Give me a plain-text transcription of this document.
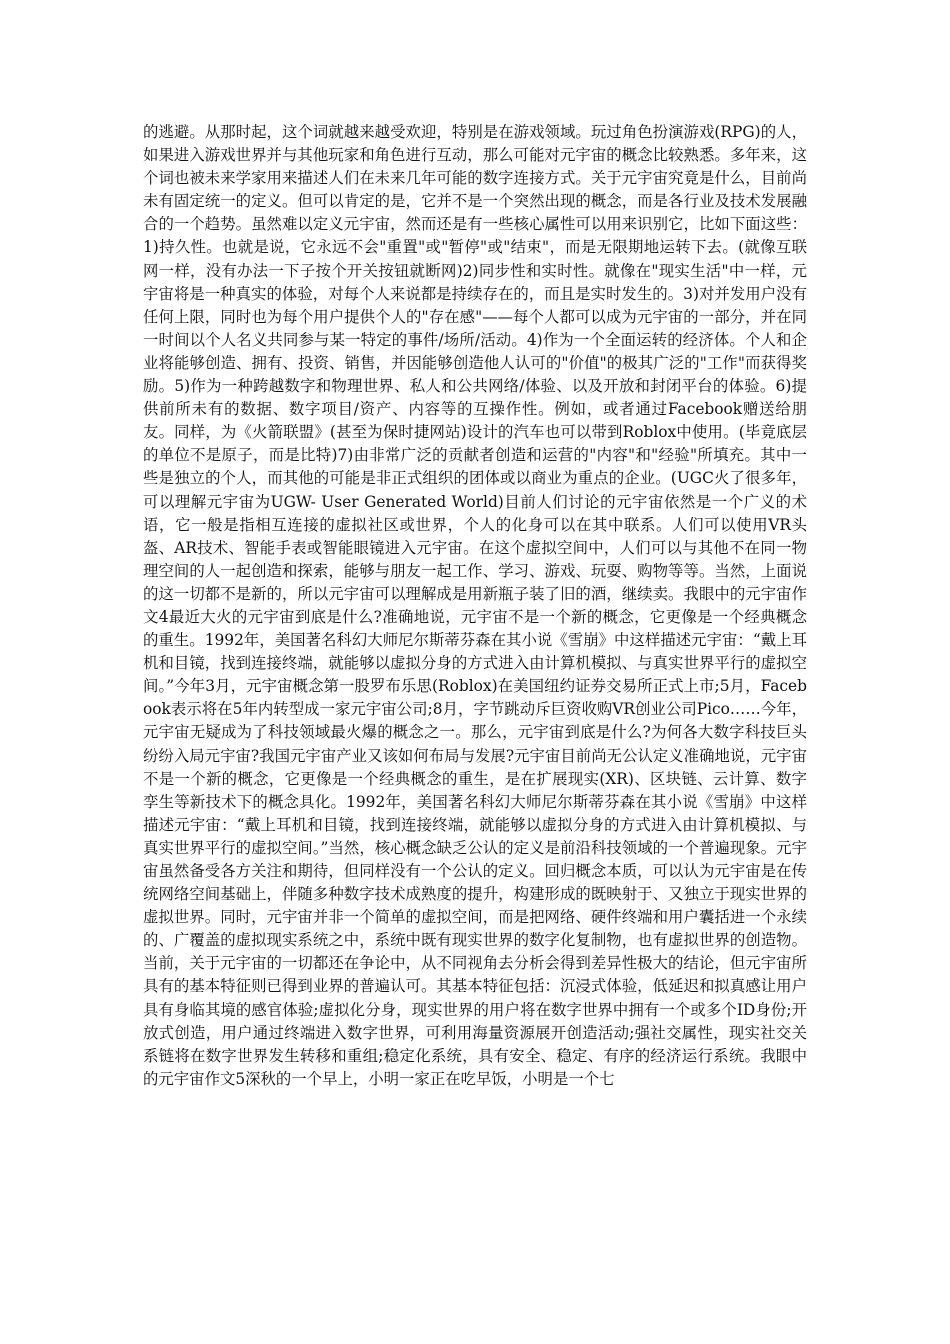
的逃避。从那时起，这个词就越来越受欢迎，特别是在游戏领域。玩过角色扮演游戏(RPG)的人，如果进入游戏世界并与其他玩家和角色进行互动，那么可能对元宇宙的概念比较熟悉。多年来，这个词也被未来学家用来描述人们在未来几年可能的数字连接方式。关于元宇宙究竟是什么，目前尚未有固定统一的定义。但可以肯定的是，它并不是一个突然出现的概念，而是各行业及技术发展融合的一个趋势。虽然难以定义元宇宙，然而还是有一些核心属性可以用来识别它，比如下面这些：1)持久性。也就是说，它永远不会"重置"或"暂停"或"结束"，而是无限期地运转下去。(就像互联网一样，没有办法一下子按个开关按钮就断网)2)同步性和实时性。就像在"现实生活"中一样，元宇宙将是一种真实的体验，对每个人来说都是持续存在的，而且是实时发生的。3)对并发用户没有任何上限，同时也为每个用户提供个人的"存在感"——每个人都可以成为元宇宙的一部分，并在同一时间以个人名义共同参与某一特定的事件/场所/活动。4)作为一个全面运转的经济体。个人和企业将能够创造、拥有、投资、销售，并因能够创造他人认可的"价值"的极其广泛的"工作"而获得奖励。5)作为一种跨越数字和物理世界、私人和公共网络/体验、以及开放和封闭平台的体验。6)提供前所未有的数据、数字项目/资产、内容等的互操作性。例如，或者通过Facebook赠送给朋友。同样，为《火箭联盟》(甚至为保时捷网站)设计的汽车也可以带到Roblox中使用。(毕竟底层的单位不是原子，而是比特)7)由非常广泛的贡献者创造和运营的"内容"和"经验"所填充。其中一些是独立的个人，而其他的可能是非正式组织的团体或以商业为重点的企业。(UGC火了很多年，可以理解元宇宙为UGW- User Generated World)目前人们讨论的元宇宙依然是一个广义的术语，它一般是指相互连接的虚拟社区或世界，个人的化身可以在其中联系。人们可以使用VR头盔、AR技术、智能手表或智能眼镜进入元宇宙。在这个虚拟空间中，人们可以与其他不在同一物理空间的人一起创造和探索，能够与朋友一起工作、学习、游戏、玩耍、购物等等。当然，上面说的这一切都不是新的，所以元宇宙可以理解成是用新瓶子装了旧的酒，继续卖。我眼中的元宇宙作文4最近大火的元宇宙到底是什么?准确地说，元宇宙不是一个新的概念，它更像是一个经典概念的重生。1992年，美国著名科幻大师尼尔斯蒂芬森在其小说《雪崩》中这样描述元宇宙：“戴上耳机和目镜，找到连接终端，就能够以虚拟分身的方式进入由计算机模拟、与真实世界平行的虚拟空间。”今年3月，元宇宙概念第一股罗布乐思(Roblox)在美国纽约证券交易所正式上市;5月，Facebook表示将在5年内转型成一家元宇宙公司;8月，字节跳动斥巨资收购VR创业公司Pico……今年，元宇宙无疑成为了科技领域最火爆的概念之一。那么，元宇宙到底是什么?为何各大数字科技巨头纷纷入局元宇宙?我国元宇宙产业又该如何布局与发展?元宇宙目前尚无公认定义准确地说，元宇宙不是一个新的概念，它更像是一个经典概念的重生，是在扩展现实(XR)、区块链、云计算、数字孪生等新技术下的概念具化。1992年，美国著名科幻大师尼尔斯蒂芬森在其小说《雪崩》中这样描述元宇宙：“戴上耳机和目镜，找到连接终端，就能够以虚拟分身的方式进入由计算机模拟、与真实世界平行的虚拟空间。”当然，核心概念缺乏公认的定义是前沿科技领域的一个普遍现象。元宇宙虽然备受各方关注和期待，但同样没有一个公认的定义。回归概念本质，可以认为元宇宙是在传统网络空间基础上，伴随多种数字技术成熟度的提升，构建形成的既映射于、又独立于现实世界的虚拟世界。同时，元宇宙并非一个简单的虚拟空间，而是把网络、硬件终端和用户囊括进一个永续的、广覆盖的虚拟现实系统之中，系统中既有现实世界的数字化复制物，也有虚拟世界的创造物。当前，关于元宇宙的一切都还在争论中，从不同视角去分析会得到差异性极大的结论，但元宇宙所具有的基本特征则已得到业界的普遍认可。其基本特征包括：沉浸式体验，低延迟和拟真感让用户具有身临其境的感官体验;虚拟化分身，现实世界的用户将在数字世界中拥有一个或多个ID身份;开放式创造，用户通过终端进入数字世界，可利用海量资源展开创造活动;强社交属性，现实社交关系链将在数字世界发生转移和重组;稳定化系统，具有安全、稳定、有序的经济运行系统。我眼中的元宇宙作文5深秋的一个早上，小明一家正在吃早饭，小明是一个七
